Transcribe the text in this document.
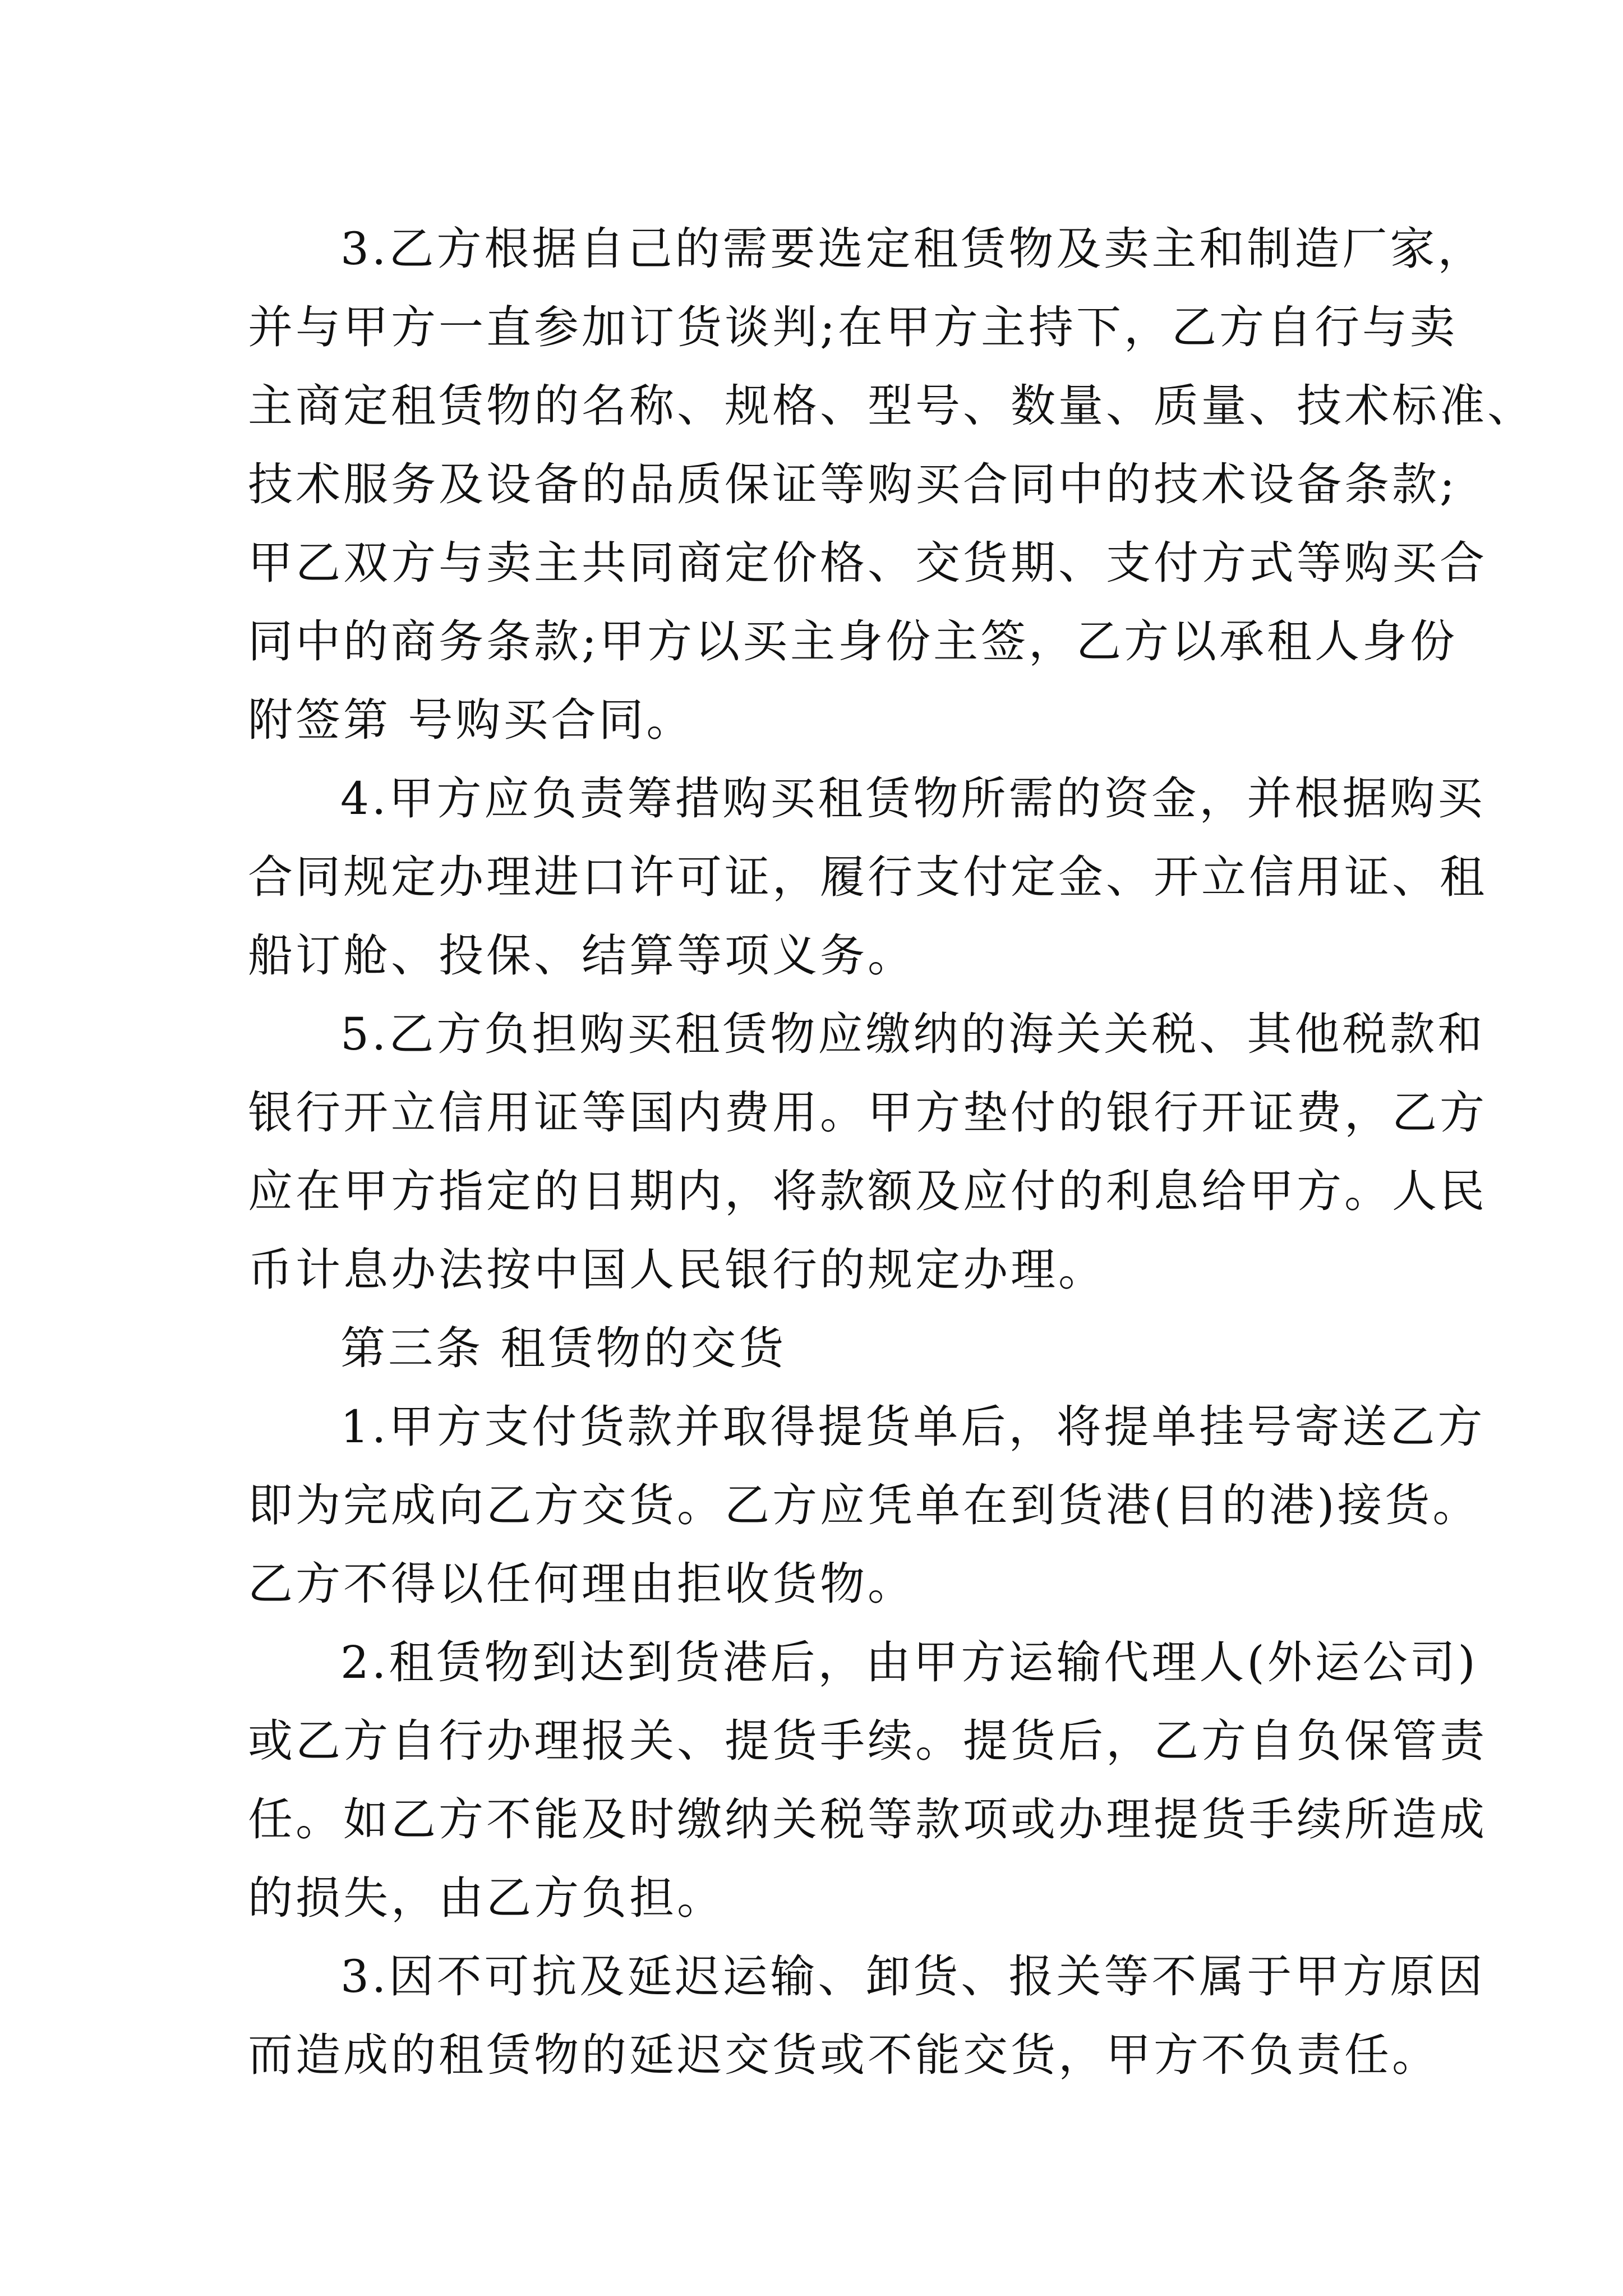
3.乙方根据自己的需要选定租赁物及卖主和制造厂家，
并与甲方一直参加订货谈判;在甲方主持下，乙方自行与卖
主商定租赁物的名称、规格、型号、数量、质量、技术标准、
技术服务及设备的品质保证等购买合同中的技术设备条款;
甲乙双方与卖主共同商定价格、交货期、支付方式等购买合
同中的商务条款;甲方以买主身份主签，乙方以承租人身份
附签第 号购买合同。
4.甲方应负责筹措购买租赁物所需的资金，并根据购买
合同规定办理进口许可证，履行支付定金、开立信用证、租
船订舱、投保、结算等项义务。
5.乙方负担购买租赁物应缴纳的海关关税、其他税款和
银行开立信用证等国内费用。甲方垫付的银行开证费，乙方
应在甲方指定的日期内，将款额及应付的利息给甲方。人民
币计息办法按中国人民银行的规定办理。
第三条 租赁物的交货
1.甲方支付货款并取得提货单后，将提单挂号寄送乙方
即为完成向乙方交货。乙方应凭单在到货港(目的港)接货。
乙方不得以任何理由拒收货物。
2.租赁物到达到货港后，由甲方运输代理人(外运公司)
或乙方自行办理报关、提货手续。提货后，乙方自负保管责
任。如乙方不能及时缴纳关税等款项或办理提货手续所造成
的损失，由乙方负担。
3.因不可抗及延迟运输、卸货、报关等不属于甲方原因
而造成的租赁物的延迟交货或不能交货，甲方不负责任。
